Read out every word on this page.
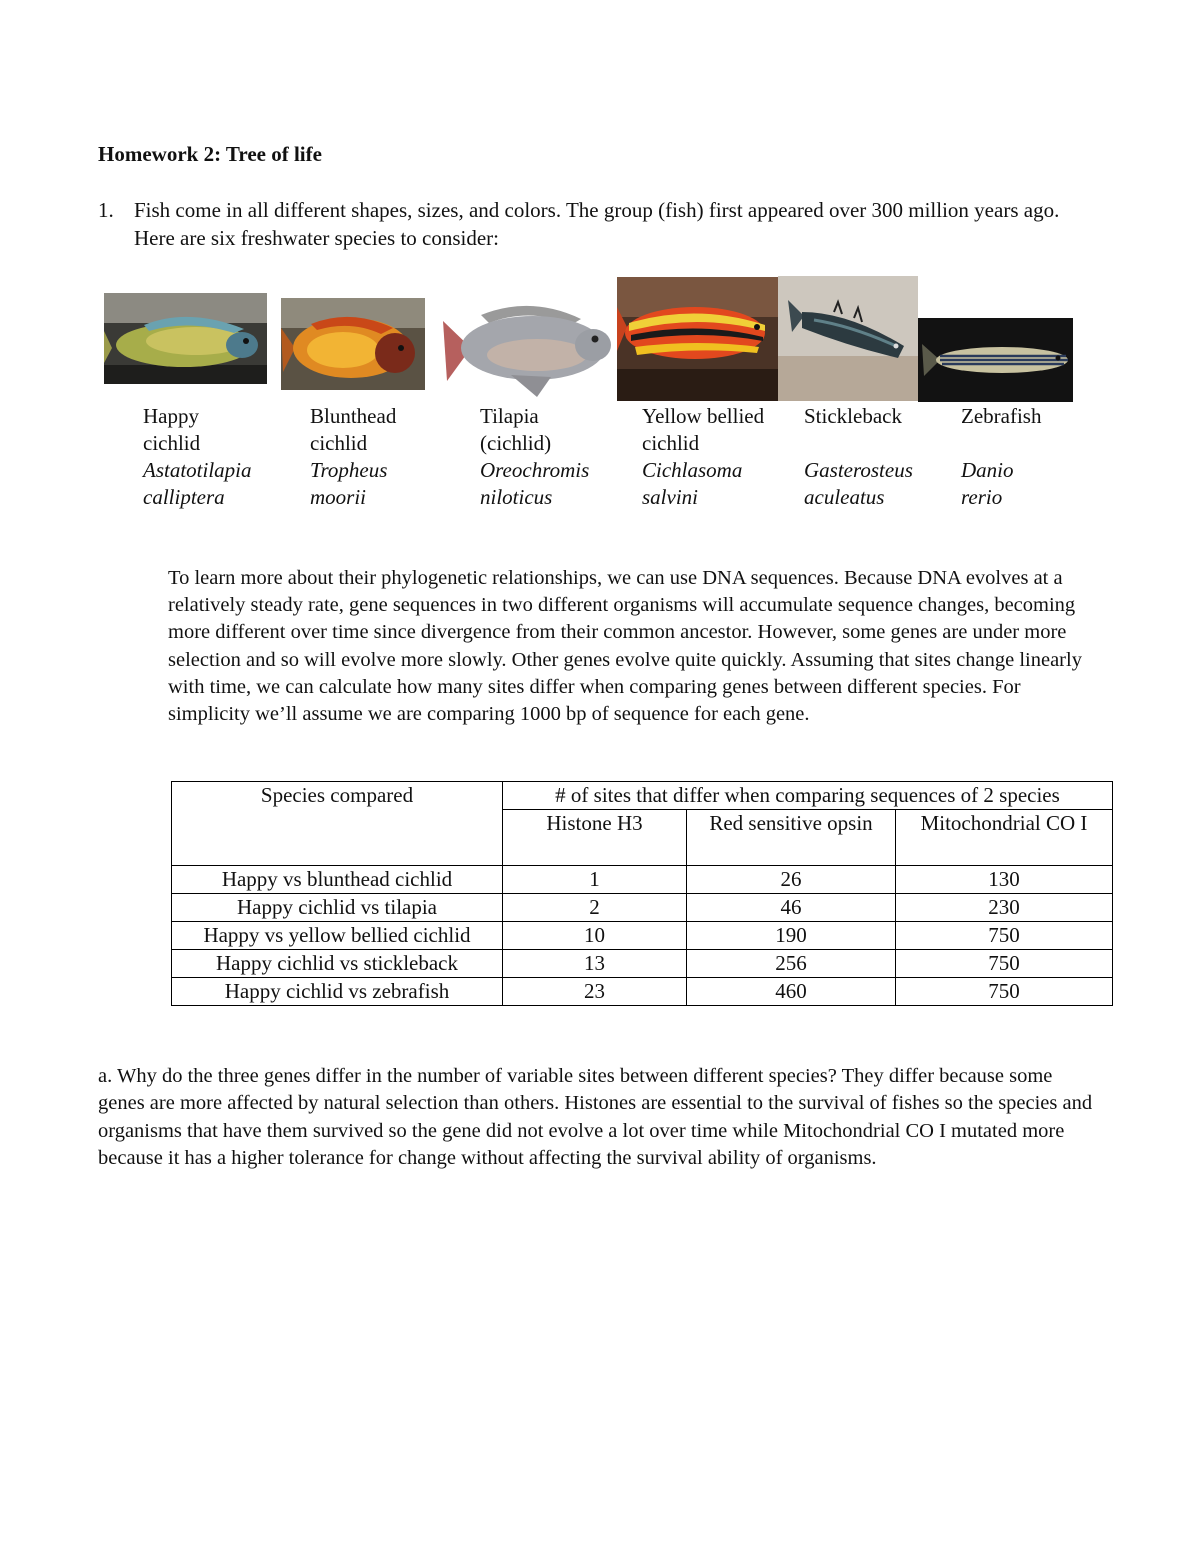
Homework 2: Tree of life
1. Fish come in all different shapes, sizes, and colors. The group (fish) first appeared over 300 million years ago. Here are six freshwater species to consider:
Happy
cichlid
Astatotilapia
calliptera
Blunthead
cichlid
Tropheus
moorii
Tilapia
(cichlid)
Oreochromis
niloticus
Yellow bellied
cichlid
Cichlasoma
salvini
Stickleback

Gasterosteus
aculeatus
Zebrafish

Danio
rerio
To learn more about their phylogenetic relationships, we can use DNA sequences. Because DNA evolves at a relatively steady rate, gene sequences in two different organisms will accumulate sequence changes, becoming more different over time since divergence from their common ancestor. However, some genes are under more selection and so will evolve more slowly. Other genes evolve quite quickly. Assuming that sites change linearly with time, we can calculate how many sites differ when comparing genes between different species. For simplicity we’ll assume we are comparing 1000 bp of sequence for each gene.
Species compared	# of sites that differ when comparing sequences of 2 species		
	Histone H3	Red sensitive opsin	Mitochondrial CO I
Happy vs blunthead cichlid	1	26	130
Happy cichlid vs tilapia	2	46	230
Happy vs yellow bellied cichlid	10	190	750
Happy cichlid vs stickleback	13	256	750
Happy cichlid vs zebrafish	23	460	750
a. Why do the three genes differ in the number of variable sites between different species? They differ because some genes are more affected by natural selection than others. Histones are essential to the survival of fishes so the species and organisms that have them survived so the gene did not evolve a lot over time while Mitochondrial CO I mutated more because it has a higher tolerance for change without affecting the survival ability of organisms.
